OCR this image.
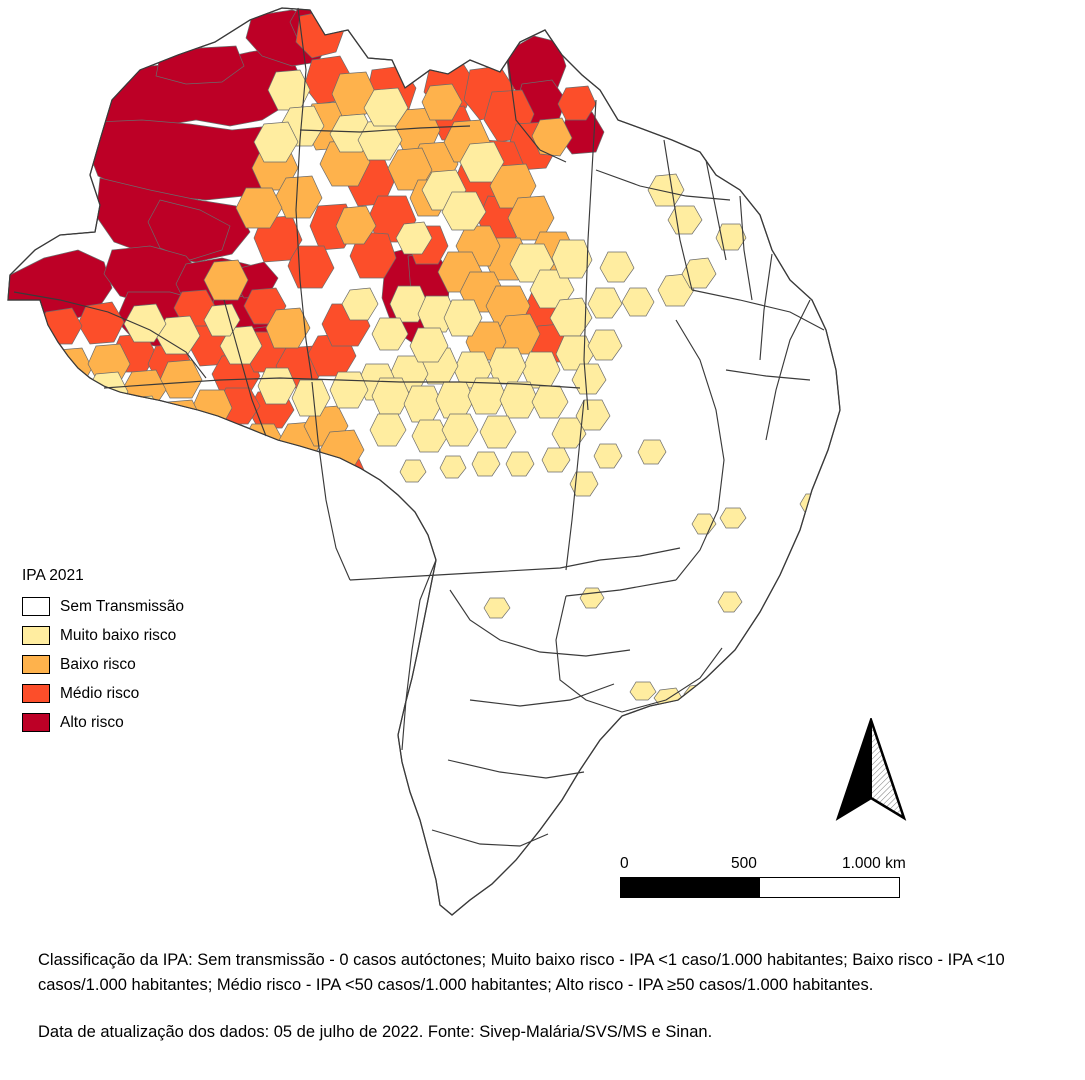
IPA 2021
Sem Transmissão
Muito baixo risco
Baixo risco
Médio risco
Alto risco
0	500	1.000 km

Classificação da IPA: Sem transmissão - 0 casos autóctones; Muito baixo risco - IPA <1 caso/1.000 habitantes; Baixo risco - IPA <10 casos/1.000 habitantes; Médio risco - IPA <50 casos/1.000 habitantes; Alto risco - IPA ≥50 casos/1.000 habitantes.

Data de atualização dos dados: 05 de julho de 2022. Fonte: Sivep-Malária/SVS/MS e Sinan.
